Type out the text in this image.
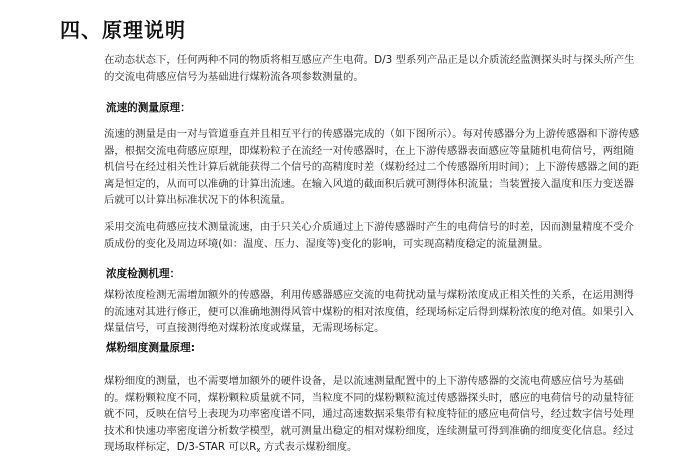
四、原理说明

在动态状态下，任何两种不同的物质将相互感应产生电荷。D/3 型系列产品正是以介质流经监测探头时与探头所产生的交流电荷感应信号为基础进行煤粉流各项参数测量的。

流速的测量原理：

流速的测量是由一对与管道垂直并且相互平行的传感器完成的（如下图所示）。每对传感器分为上游传感器和下游传感器，根据交流电荷感应原理，即煤粉粒子在流经一对传感器时，在上下游传感器表面感应等量随机电荷信号，两组随机信号在经过相关性计算后就能获得二个信号的高精度时差（煤粉经过二个传感器所用时间）；上下游传感器之间的距离是恒定的，从而可以准确的计算出流速。在输入风道的截面积后就可测得体积流量；当装置接入温度和压力变送器后就可以计算出标准状况下的体积流量。

采用交流电荷感应技术测量流速，由于只关心介质通过上下游传感器时产生的电荷信号的时差，因而测量精度不受介质成份的变化及周边环境(如：温度、压力、湿度等)变化的影响，可实现高精度稳定的流量测量。

浓度检测机理：

煤粉浓度检测无需增加额外的传感器，利用传感器感应交流的电荷扰动量与煤粉浓度成正相关性的关系，在运用测得的流速对其进行修正，便可以准确地测得风管中煤粉的相对浓度值，经现场标定后得到煤粉浓度的绝对值。如果引入煤量信号，可直接测得绝对煤粉浓度或煤量，无需现场标定。

煤粉细度测量原理:

煤粉细度的测量，也不需要增加额外的硬件设备，是以流速测量配置中的上下游传感器的交流电荷感应信号为基础的。煤粉颗粒度不同，煤粉颗粒质量就不同，当粒度不同的煤粉颗粒流过传感器探头时，感应的电荷信号的动量特征就不同，反映在信号上表现为功率密度谱不同，通过高速数据采集带有粒度特征的感应电荷信号，经过数字信号处理技术和快速功率密度谱分析数学模型，就可测量出稳定的相对煤粉细度，连续测量可得到准确的细度变化信息。经过现场取样标定，D/3-STAR 可以$R_x$ 方式表示煤粉细度。
